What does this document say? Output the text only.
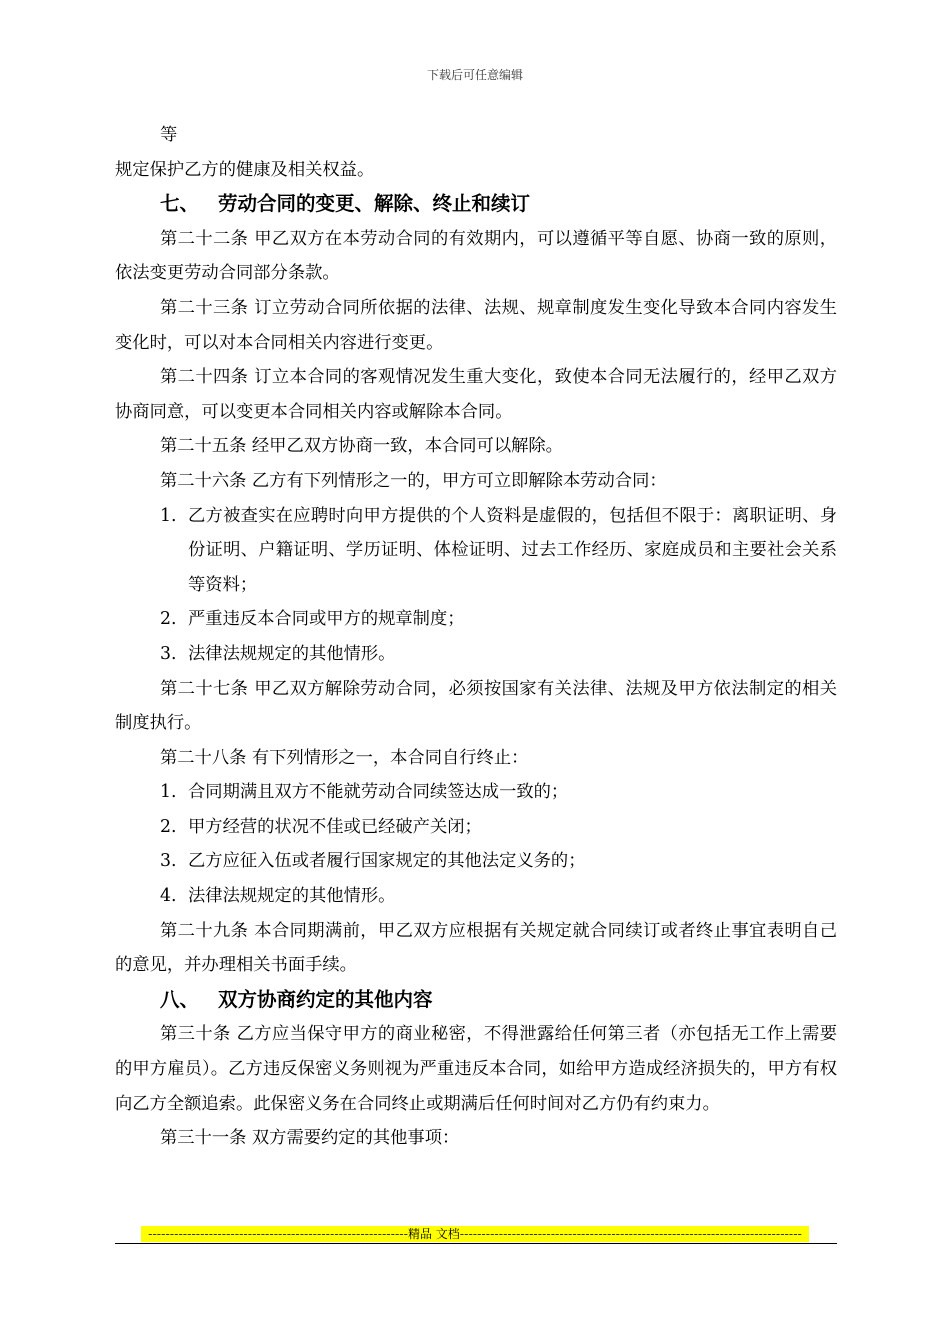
下载后可任意编辑

等

规定保护乙方的健康及相关权益。

七、 劳动合同的变更、解除、终止和续订

第二十二条 甲乙双方在本劳动合同的有效期内，可以遵循平等自愿、协商一致的原则，依法变更劳动合同部分条款。

第二十三条 订立劳动合同所依据的法律、法规、规章制度发生变化导致本合同内容发生变化时，可以对本合同相关内容进行变更。

第二十四条 订立本合同的客观情况发生重大变化，致使本合同无法履行的，经甲乙双方协商同意，可以变更本合同相关内容或解除本合同。

第二十五条 经甲乙双方协商一致，本合同可以解除。

第二十六条 乙方有下列情形之一的，甲方可立即解除本劳动合同：

1. 乙方被查实在应聘时向甲方提供的个人资料是虚假的，包括但不限于：离职证明、身份证明、户籍证明、学历证明、体检证明、过去工作经历、家庭成员和主要社会关系等资料；

2. 严重违反本合同或甲方的规章制度；

3. 法律法规规定的其他情形。

第二十七条 甲乙双方解除劳动合同，必须按国家有关法律、法规及甲方依法制定的相关制度执行。

第二十八条 有下列情形之一，本合同自行终止：

1. 合同期满且双方不能就劳动合同续签达成一致的；

2. 甲方经营的状况不佳或已经破产关闭；

3. 乙方应征入伍或者履行国家规定的其他法定义务的；

4. 法律法规规定的其他情形。

第二十九条 本合同期满前，甲乙双方应根据有关规定就合同续订或者终止事宜表明自己的意见，并办理相关书面手续。

八、 双方协商约定的其他内容

第三十条 乙方应当保守甲方的商业秘密，不得泄露给任何第三者（亦包括无工作上需要的甲方雇员）。乙方违反保密义务则视为严重违反本合同，如给甲方造成经济损失的，甲方有权向乙方全额追索。此保密义务在合同终止或期满后任何时间对乙方仍有约束力。

第三十一条 双方需要约定的其他事项：

------------------------------------------------------------精品 文档-------------------------------------------------------------------------------
